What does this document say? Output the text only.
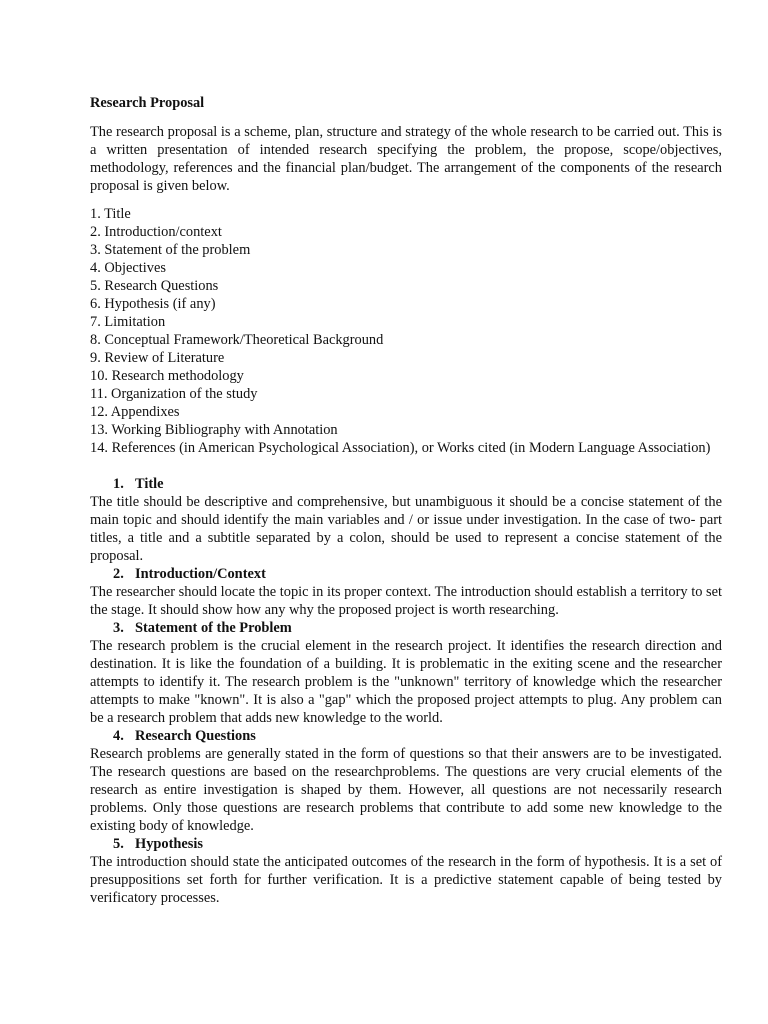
Research Proposal

The research proposal is a scheme, plan, structure and strategy of the whole research to be carried out. This is a written presentation of intended research specifying the problem, the propose, scope/objectives, methodology, references and the financial plan/budget. The arrangement of the components of the research proposal is given below.

1. Title
2. Introduction/context
3. Statement of the problem
4. Objectives
5. Research Questions
6. Hypothesis (if any)
7. Limitation
8. Conceptual Framework/Theoretical Background
9. Review of Literature
10. Research methodology
11. Organization of the study
12. Appendixes
13. Working Bibliography with Annotation
14. References (in American Psychological Association), or Works cited (in Modern Language Association)

1. Title

The title should be descriptive and comprehensive, but unambiguous it should be a concise statement of the main topic and should identify the main variables and / or issue under investigation. In the case of two- part titles, a title and a subtitle separated by a colon, should be used to represent a concise statement of the proposal.

2. Introduction/Context

The researcher should locate the topic in its proper context. The introduction should establish a territory to set the stage. It should show how any why the proposed project is worth researching.

3. Statement of the Problem

The research problem is the crucial element in the research project. It identifies the research direction and destination. It is like the foundation of a building. It is problematic in the exiting scene and the researcher attempts to identify it. The research problem is the "unknown" territory of knowledge which the researcher attempts to make "known". It is also a "gap" which the proposed project attempts to plug. Any problem can be a research problem that adds new knowledge to the world.

4. Research Questions

Research problems are generally stated in the form of questions so that their answers are to be investigated. The research questions are based on the researchproblems. The questions are very crucial elements of the research as entire investigation is shaped by them. However, all questions are not necessarily research problems. Only those questions are research problems that contribute to add some new knowledge to the existing body of knowledge.

5. Hypothesis

The introduction should state the anticipated outcomes of the research in the form of hypothesis. It is a set of presuppositions set forth for further verification. It is a predictive statement capable of being tested by verificatory processes.
